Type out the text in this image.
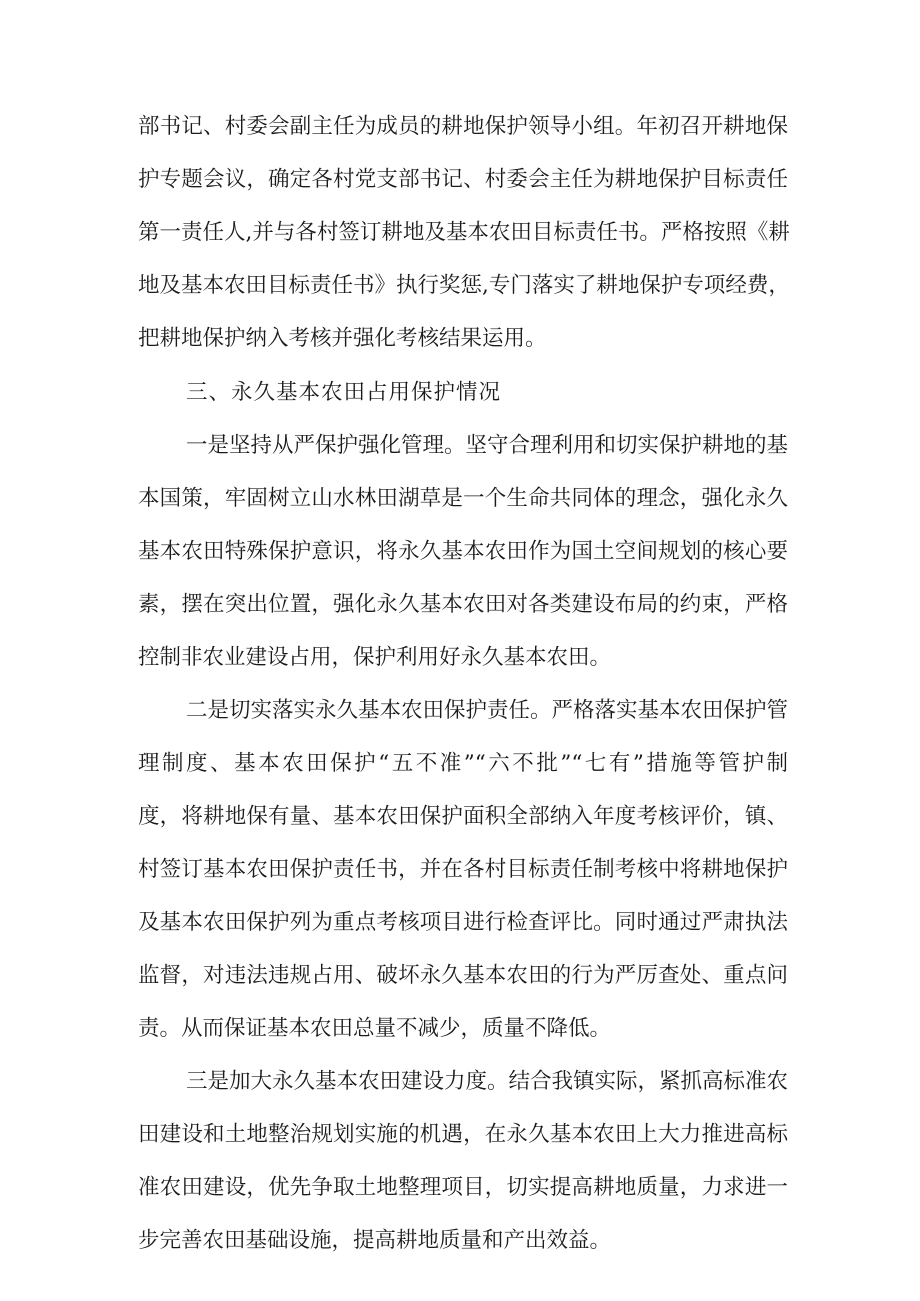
部书记、村委会副主任为成员的耕地保护领导小组。年初召开耕地保
护专题会议，确定各村党支部书记、村委会主任为耕地保护目标责任
第一责任人,并与各村签订耕地及基本农田目标责任书。严格按照《耕
地及基本农田目标责任书》执行奖惩,专门落实了耕地保护专项经费，
把耕地保护纳入考核并强化考核结果运用。
三、永久基本农田占用保护情况
一是坚持从严保护强化管理。坚守合理利用和切实保护耕地的基
本国策，牢固树立山水林田湖草是一个生命共同体的理念，强化永久
基本农田特殊保护意识，将永久基本农田作为国土空间规划的核心要
素，摆在突出位置，强化永久基本农田对各类建设布局的约束，严格
控制非农业建设占用，保护利用好永久基本农田。
二是切实落实永久基本农田保护责任。严格落实基本农田保护管
理制度、基本农田保护“五不准”“六不批”“七有”措施等管护制
度，将耕地保有量、基本农田保护面积全部纳入年度考核评价，镇、
村签订基本农田保护责任书，并在各村目标责任制考核中将耕地保护
及基本农田保护列为重点考核项目进行检查评比。同时通过严肃执法
监督，对违法违规占用、破坏永久基本农田的行为严厉查处、重点问
责。从而保证基本农田总量不减少，质量不降低。
三是加大永久基本农田建设力度。结合我镇实际，紧抓高标准农
田建设和土地整治规划实施的机遇，在永久基本农田上大力推进高标
准农田建设，优先争取土地整理项目，切实提高耕地质量，力求进一
步完善农田基础设施，提高耕地质量和产出效益。
